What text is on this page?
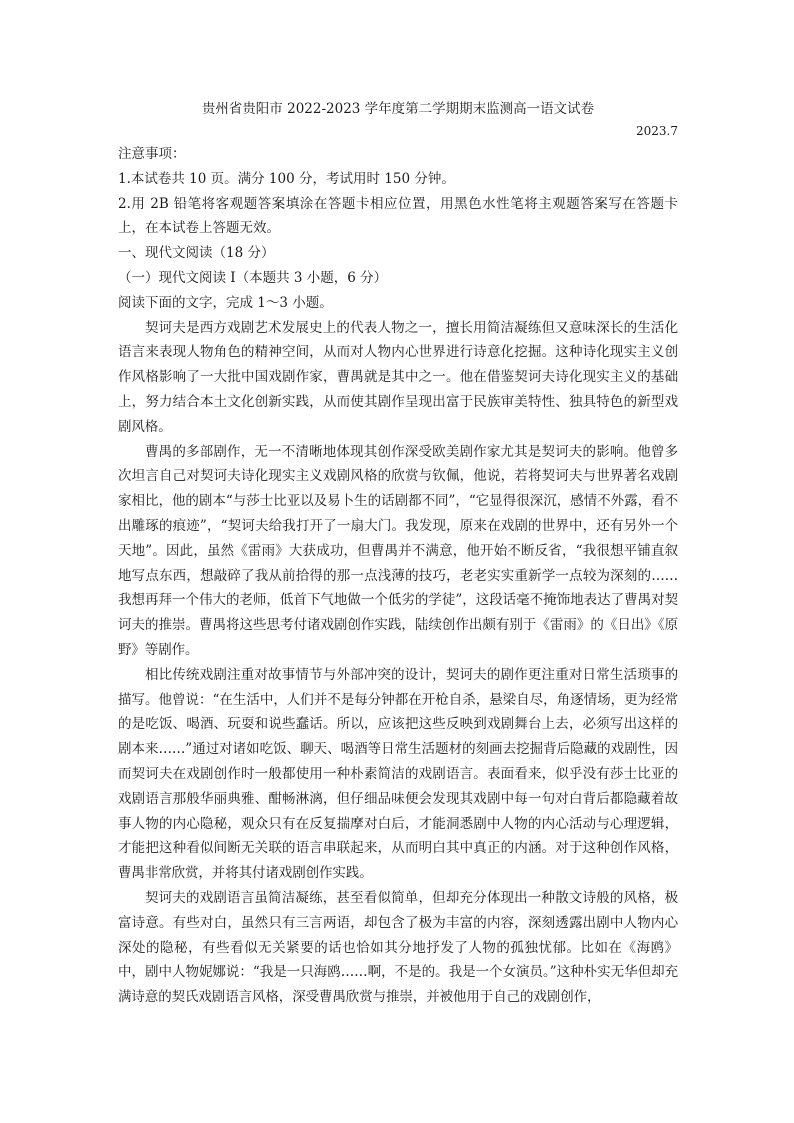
贵州省贵阳市 2022-2023 学年度第二学期期末监测高一语文试卷

2023.7

注意事项：

1.本试卷共 10 页。满分 100 分，考试用时 150 分钟。

2.用 2B 铅笔将客观题答案填涂在答题卡相应位置，用黑色水性笔将主观题答案写在答题卡上，在本试卷上答题无效。

一、现代文阅读（18 分）

（一）现代文阅读 I（本题共 3 小题，6 分）

阅读下面的文字，完成 1～3 小题。

契诃夫是西方戏剧艺术发展史上的代表人物之一，擅长用简洁凝练但又意味深长的生活化语言来表现人物角色的精神空间，从而对人物内心世界进行诗意化挖掘。这种诗化现实主义创作风格影响了一大批中国戏剧作家，曹禺就是其中之一。他在借鉴契诃夫诗化现实主义的基础上，努力结合本土文化创新实践，从而使其剧作呈现出富于民族审美特性、独具特色的新型戏剧风格。

曹禺的多部剧作，无一不清晰地体现其创作深受欧美剧作家尤其是契诃夫的影响。他曾多次坦言自己对契诃夫诗化现实主义戏剧风格的欣赏与钦佩，他说，若将契诃夫与世界著名戏剧家相比，他的剧本“与莎士比亚以及易卜生的话剧都不同”，“它显得很深沉，感情不外露，看不出雕琢的痕迹”，“契诃夫给我打开了一扇大门。我发现，原来在戏剧的世界中，还有另外一个天地”。因此，虽然《雷雨》大获成功，但曹禺并不满意，他开始不断反省，“我很想平铺直叙地写点东西，想敲碎了我从前拾得的那一点浅薄的技巧，老老实实重新学一点较为深刻的……我想再拜一个伟大的老师，低首下气地做一个低劣的学徒”，这段话毫不掩饰地表达了曹禺对契诃夫的推崇。曹禺将这些思考付诸戏剧创作实践，陆续创作出颇有别于《雷雨》的《日出》《原野》等剧作。

相比传统戏剧注重对故事情节与外部冲突的设计，契诃夫的剧作更注重对日常生活琐事的描写。他曾说：“在生活中，人们并不是每分钟都在开枪自杀，悬梁自尽，角逐情场，更为经常的是吃饭、喝酒、玩耍和说些蠢话。所以，应该把这些反映到戏剧舞台上去，必须写出这样的剧本来……”通过对诸如吃饭、聊天、喝酒等日常生活题材的刻画去挖掘背后隐藏的戏剧性，因而契诃夫在戏剧创作时一般都使用一种朴素简洁的戏剧语言。表面看来，似乎没有莎士比亚的戏剧语言那般华丽典雅、酣畅淋漓，但仔细品味便会发现其戏剧中每一句对白背后都隐藏着故事人物的内心隐秘，观众只有在反复揣摩对白后，才能洞悉剧中人物的内心活动与心理逻辑，才能把这种看似间断无关联的语言串联起来，从而明白其中真正的内涵。对于这种创作风格，曹禺非常欣赏，并将其付诸戏剧创作实践。

契诃夫的戏剧语言虽简洁凝练，甚至看似简单，但却充分体现出一种散文诗般的风格，极富诗意。有些对白，虽然只有三言两语，却包含了极为丰富的内容，深刻透露出剧中人物内心深处的隐秘，有些看似无关紧要的话也恰如其分地抒发了人物的孤独忧郁。比如在《海鸥》中，剧中人物妮娜说：“我是一只海鸥……啊，不是的。我是一个女演员。”这种朴实无华但却充满诗意的契氏戏剧语言风格，深受曹禺欣赏与推崇，并被他用于自己的戏剧创作，
